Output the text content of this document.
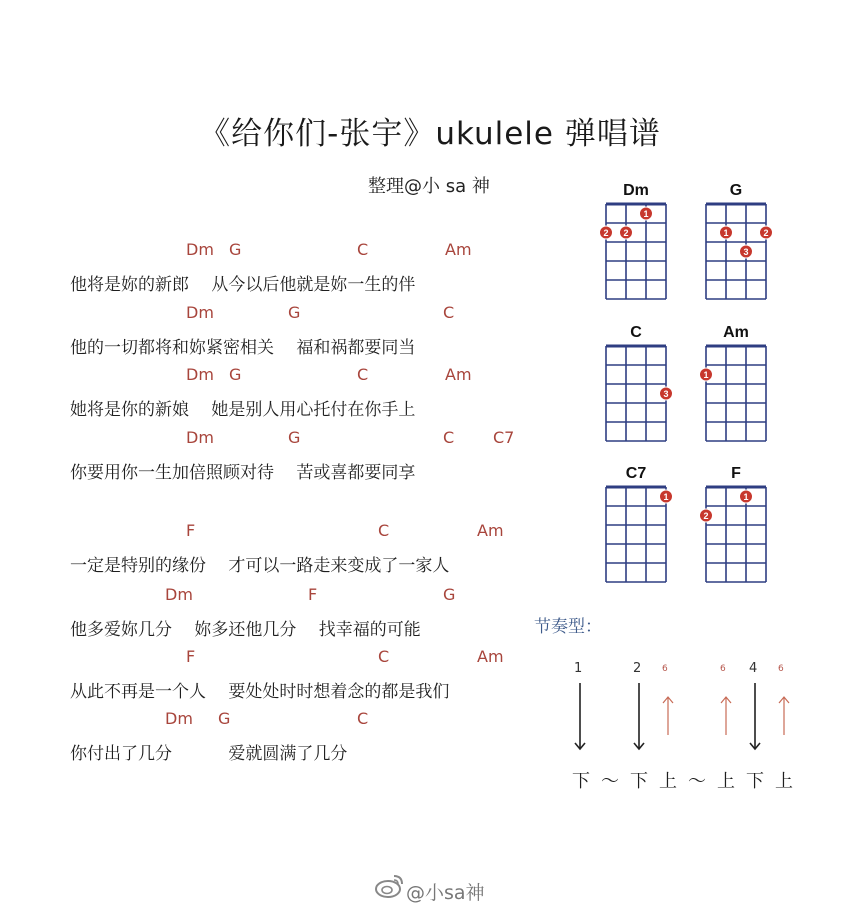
《给你们-张宇》ukulele 弹唱谱
整理@小 sa 神
Dm G	C	Am
他将是妳的新郎　 从今以后他就是妳一生的伴
Dm	G	C
他的一切都将和妳紧密相关　 福和祸都要同当
Dm G	C	Am
她将是你的新娘　 她是别人用心托付在你手上
Dm	G	C C7
你要用你一生加倍照顾对待　 苦或喜都要同享
F	C	Am
一定是特别的缘份　 才可以一路走来变成了一家人
Dm	F	G
他多爱妳几分　 妳多还他几分　 找幸福的可能
F	C	Am
从此不再是一个人　 要处处时时想着念的都是我们
Dm G	C
你付出了几分　　　 爱就圆满了几分
Dm
2 2
1
G
1
3
2
C
3
Am
1
C7
1
F
2
1
节奏型：
1	2 6	6 4 6
下 ～ 下 上 ～ 上 下 上
@小sa神
